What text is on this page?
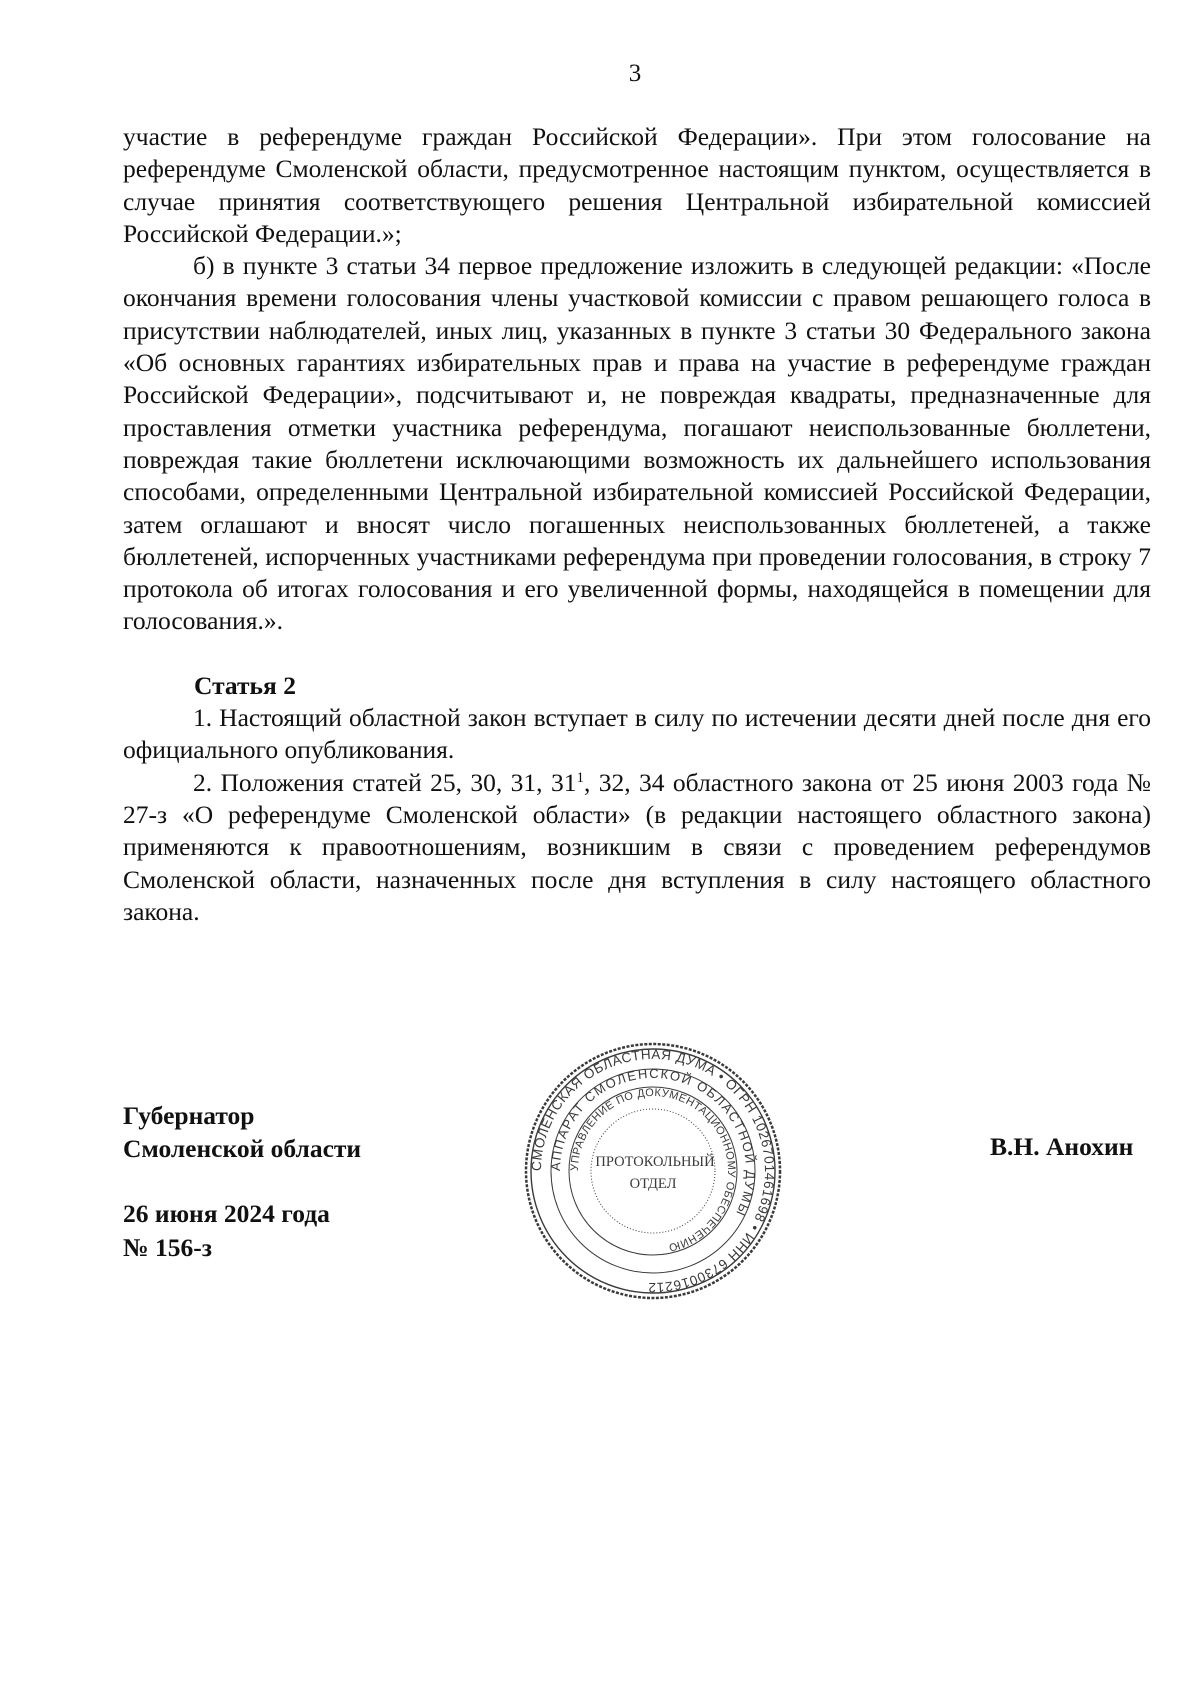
3

участие в референдуме граждан Российской Федерации». При этом голосование на референдуме Смоленской области, предусмотренное настоящим пунктом, осуществляется в случае принятия соответствующего решения Центральной избирательной комиссией Российской Федерации.»;

б) в пункте 3 статьи 34 первое предложение изложить в следующей редакции: «После окончания времени голосования члены участковой комиссии с правом решающего голоса в присутствии наблюдателей, иных лиц, указанных в пункте 3 статьи 30 Федерального закона «Об основных гарантиях избирательных прав и права на участие в референдуме граждан Российской Федерации», подсчитывают и, не повреждая квадраты, предназначенные для проставления отметки участника референдума, погашают неиспользованные бюллетени, повреждая такие бюллетени исключающими возможность их дальнейшего использования способами, определенными Центральной избирательной комиссией Российской Федерации, затем оглашают и вносят число погашенных неиспользованных бюллетеней, а также бюллетеней, испорченных участниками референдума при проведении голосования, в строку 7 протокола об итогах голосования и его увеличенной формы, находящейся в помещении для голосования.».

Статья 2

1. Настоящий областной закон вступает в силу по истечении десяти дней после дня его официального опубликования.

2. Положения статей 25, 30, 31, $31^1$, 32, 34 областного закона от 25 июня 2003 года № 27-з «О референдуме Смоленской области» (в редакции настоящего областного закона) применяются к правоотношениям, возникшим в связи с проведением референдумов Смоленской области, назначенных после дня вступления в силу настоящего областного закона.

Губернатор
Смоленской области
26 июня 2024 года
№ 156-з
В.Н. Анохин
СМОЛЕНСКАЯ ОБЛАСТНАЯ ДУМА • ОГРН 1026701461698 • ИНН 6730016212
АППАРАТ СМОЛЕНСКОЙ ОБЛАСТНОЙ ДУМЫ
УПРАВЛЕНИЕ ПО ДОКУМЕНТАЦИОННОМУ ОБЕСПЕЧЕНИЮ
ПРОТОКОЛЬНЫЙ
ОТДЕЛ
